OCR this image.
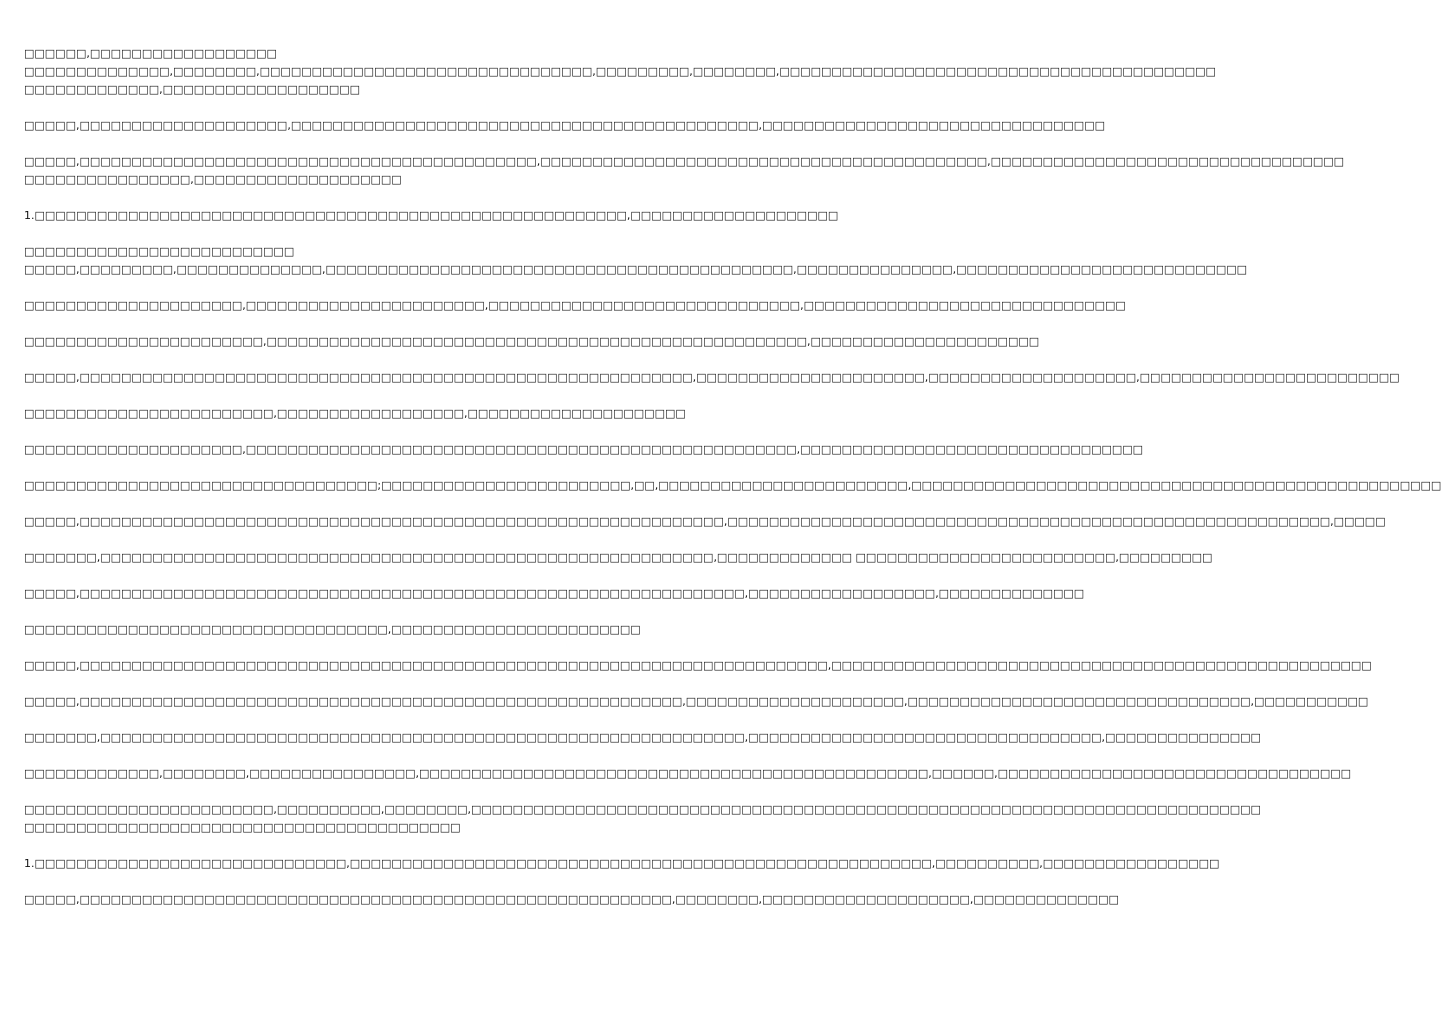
□□□□□□,□□□□□□□□□□□□□□□□□□
□□□□□□□□□□□□□□,□□□□□□□□,□□□□□□□□□□□□□□□□□□□□□□□□□□□□□□□□,□□□□□□□□□,□□□□□□□□,□□□□□□□□□□□□□□□□□□□□□□□□□□□□□□□□□□□□□□□□□□
□□□□□□□□□□□□□,□□□□□□□□□□□□□□□□□□□
□□□□□,□□□□□□□□□□□□□□□□□□□□,□□□□□□□□□□□□□□□□□□□□□□□□□□□□□□□□□□□□□□□□□□□□□,□□□□□□□□□□□□□□□□□□□□□□□□□□□□□□□□□
□□□□□,□□□□□□□□□□□□□□□□□□□□□□□□□□□□□□□□□□□□□□□□□□□□,□□□□□□□□□□□□□□□□□□□□□□□□□□□□□□□□□□□□□□□□□□□,□□□□□□□□□□□□□□□□□□□□□□□□□□□□□□□□□□
□□□□□□□□□□□□□□□□,□□□□□□□□□□□□□□□□□□□□
1.□□□□□□□□□□□□□□□□□□□□□□□□□□□□□□□□□□□□□□□□□□□□□□□□□□□□□□□□□,□□□□□□□□□□□□□□□□□□□□
□□□□□□□□□□□□□□□□□□□□□□□□□□
□□□□□,□□□□□□□□□,□□□□□□□□□□□□□□,□□□□□□□□□□□□□□□□□□□□□□□□□□□□□□□□□□□□□□□□□□□□□,□□□□□□□□□□□□□□□,□□□□□□□□□□□□□□□□□□□□□□□□□□□□
□□□□□□□□□□□□□□□□□□□□□,□□□□□□□□□□□□□□□□□□□□□□□,□□□□□□□□□□□□□□□□□□□□□□□□□□□□□□,□□□□□□□□□□□□□□□□□□□□□□□□□□□□□□□
□□□□□□□□□□□□□□□□□□□□□□□,□□□□□□□□□□□□□□□□□□□□□□□□□□□□□□□□□□□□□□□□□□□□□□□□□□□□,□□□□□□□□□□□□□□□□□□□□□□
□□□□□,□□□□□□□□□□□□□□□□□□□□□□□□□□□□□□□□□□□□□□□□□□□□□□□□□□□□□□□□□□□,□□□□□□□□□□□□□□□□□□□□□□,□□□□□□□□□□□□□□□□□□□□,□□□□□□□□□□□□□□□□□□□□□□□□□
□□□□□□□□□□□□□□□□□□□□□□□□,□□□□□□□□□□□□□□□□□□,□□□□□□□□□□□□□□□□□□□□□
□□□□□□□□□□□□□□□□□□□□□,□□□□□□□□□□□□□□□□□□□□□□□□□□□□□□□□□□□□□□□□□□□□□□□□□□□□□,□□□□□□□□□□□□□□□□□□□□□□□□□□□□□□□□□
□□□□□□□□□□□□□□□□□□□□□□□□□□□□□□□□□□;□□□□□□□□□□□□□□□□□□□□□□□□,□□,□□□□□□□□□□□□□□□□□□□□□□□□,□□□□□□□□□□□□□□□□□□□□□□□□□□□□□□□□□□□□□□□□□□□□□□□□□□□
□□□□□,□□□□□□□□□□□□□□□□□□□□□□□□□□□□□□□□□□□□□□□□□□□□□□□□□□□□□□□□□□□□□□,□□□□□□□□□□□□□□□□□□□□□□□□□□□□□□□□□□□□□□□□□□□□□□□□□□□□□□□□□□,□□□□□
□□□□□□□,□□□□□□□□□□□□□□□□□□□□□□□□□□□□□□□□□□□□□□□□□□□□□□□□□□□□□□□□□□□,□□□□□□□□□□□□□ □□□□□□□□□□□□□□□□□□□□□□□□□,□□□□□□□□□
□□□□□,□□□□□□□□□□□□□□□□□□□□□□□□□□□□□□□□□□□□□□□□□□□□□□□□□□□□□□□□□□□□□□□□,□□□□□□□□□□□□□□□□□□,□□□□□□□□□□□□□□
□□□□□□□□□□□□□□□□□□□□□□□□□□□□□□□□□□□,□□□□□□□□□□□□□□□□□□□□□□□□
□□□□□,□□□□□□□□□□□□□□□□□□□□□□□□□□□□□□□□□□□□□□□□□□□□□□□□□□□□□□□□□□□□□□□□□□□□□□□□,□□□□□□□□□□□□□□□□□□□□□□□□□□□□□□□□□□□□□□□□□□□□□□□□□□□□
□□□□□,□□□□□□□□□□□□□□□□□□□□□□□□□□□□□□□□□□□□□□□□□□□□□□□□□□□□□□□□□□,□□□□□□□□□□□□□□□□□□□□□,□□□□□□□□□□□□□□□□□□□□□□□□□□□□□□□□□,□□□□□□□□□□□
□□□□□□□,□□□□□□□□□□□□□□□□□□□□□□□□□□□□□□□□□□□□□□□□□□□□□□□□□□□□□□□□□□□□□□,□□□□□□□□□□□□□□□□□□□□□□□□□□□□□□□□□□,□□□□□□□□□□□□□□□
□□□□□□□□□□□□□,□□□□□□□□,□□□□□□□□□□□□□□□□,□□□□□□□□□□□□□□□□□□□□□□□□□□□□□□□□□□□□□□□□□□□□□□□□□,□□□□□□,□□□□□□□□□□□□□□□□□□□□□□□□□□□□□□□□□□
□□□□□□□□□□□□□□□□□□□□□□□□,□□□□□□□□□□,□□□□□□□□,□□□□□□□□□□□□□□□□□□□□□□□□□□□□□□□□□□□□□□□□□□□□□□□□□□□□□□□□□□□□□□□□□□□□□□□□□□□□
□□□□□□□□□□□□□□□□□□□□□□□□□□□□□□□□□□□□□□□□□□
1.□□□□□□□□□□□□□□□□□□□□□□□□□□□□□□,□□□□□□□□□□□□□□□□□□□□□□□□□□□□□□□□□□□□□□□□□□□□□□□□□□□□□□□□,□□□□□□□□□□,□□□□□□□□□□□□□□□□□
□□□□□,□□□□□□□□□□□□□□□□□□□□□□□□□□□□□□□□□□□□□□□□□□□□□□□□□□□□□□□□□,□□□□□□□□,□□□□□□□□□□□□□□□□□□□□,□□□□□□□□□□□□□□
